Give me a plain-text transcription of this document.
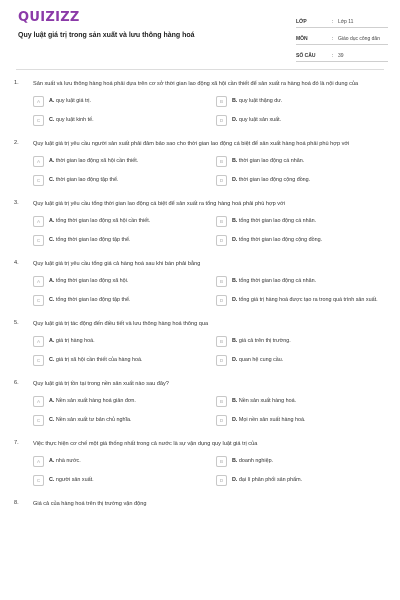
QUIZIZZ
Quy luật giá trị trong sản xuất và lưu thông hàng hoá
LỚP	: Lớp 11
MÔN	: Giáo dục công dân
SỐ CÂU	: 39
1.	Sản xuất và lưu thông hàng hoá phải dựa trên cơ sở thời gian lao động xã hội cần thiết để sản xuất ra hàng hoá đó là nội dung của
A	A. quy luật giá trị.	B	B. quy luật thặng dư.
C	C. quy luật kinh tế.	D	D. quy luật sản xuất.
2.	Quy luật giá trị yêu cầu người sản xuất phải đảm bảo sao cho thời gian lao động cá biệt để sản xuất hàng hoá phải phù hợp với
A	A. thời gian lao động xã hội cần thiết.	B	B. thời gian lao động cá nhân.
C	C. thời gian lao động tập thể.	D	D. thời gian lao động cộng đồng.
3.	Quy luật giá trị yêu cầu tổng thời gian lao động cá biệt để sản xuất ra tổng hàng hoá phải phù hợp với
A	A. tổng thời gian lao động xã hội cần thiết.	B	B. tổng thời gian lao động cá nhân.
C	C. tổng thời gian lao động tập thể.	D	D. tổng thời gian lao động cộng đồng.
4.	Quy luật giá trị yêu cầu tổng giá cả hàng hoá sau khi bán phải bằng
A	A. tổng thời gian lao động xã hội.	B	B. tổng thời gian lao động cá nhân.
C	C. tổng thời gian lao động tập thể.	D	D. tổng giá trị hàng hoá được tạo ra trong quá trình sản xuất.
5.	Quy luật giá trị tác động đến điều tiết và lưu thông hàng hoá thông qua
A	A. giá trị hàng hoá.	B	B. giá cả trên thị trường.
C	C. giá trị xã hội cần thiết của hàng hoá.	D	D. quan hệ cung cầu.
6.	Quy luật giá trị tồn tại trong nền sản xuất nào sau đây?
A	A. Nền sản xuất hàng hoá giản đơn.	B	B. Nền sản xuất hàng hoá.
C	C. Nền sản xuất tư bản chủ nghĩa.	D	D. Mọi nền sản xuất hàng hoá.
7.	Việc thực hiện cơ chế một giá thống nhất trong cả nước là sự vận dụng quy luật giá trị của
A	A. nhà nước.	B	B. doanh nghiệp.
C	C. người sản xuất.	D	D. đại lí phân phối sản phẩm.
8.	Giá cả của hàng hoá trên thị trường vận động
